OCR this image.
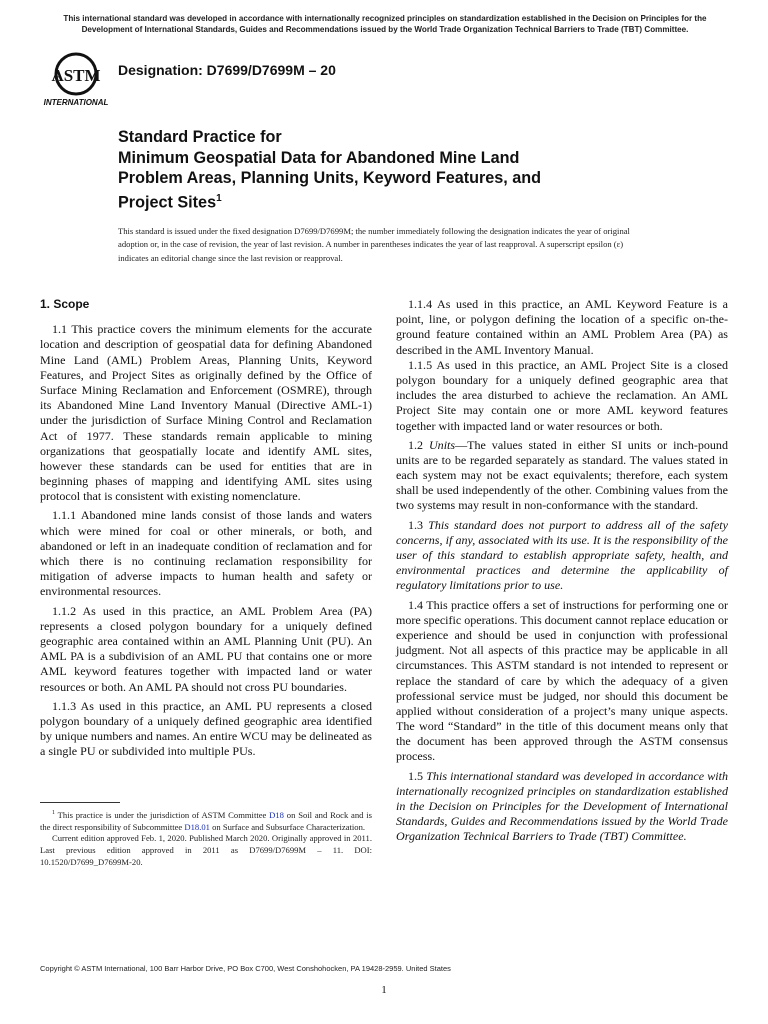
This international standard was developed in accordance with internationally recognized principles on standardization established in the Decision on Principles for the Development of International Standards, Guides and Recommendations issued by the World Trade Organization Technical Barriers to Trade (TBT) Committee.
ASTM
INTERNATIONAL
Designation: D7699/D7699M – 20

Standard Practice for

Minimum Geospatial Data for Abandoned Mine Land

Problem Areas, Planning Units, Keyword Features, and

Project Sites$^1$

This standard is issued under the fixed designation D7699/D7699M; the number immediately following the designation indicates the year of original adoption or, in the case of revision, the year of last revision. A number in parentheses indicates the year of last reapproval. A superscript epsilon (ε) indicates an editorial change since the last revision or reapproval.

1. Scope

1.1 This practice covers the minimum elements for the accurate location and description of geospatial data for defining Abandoned Mine Land (AML) Problem Areas, Planning Units, Keyword Features, and Project Sites as originally defined by the Office of Surface Mining Reclamation and Enforcement (OSMRE), through its Abandoned Mine Land Inventory Manual (Directive AML-1) under the jurisdiction of Surface Mining Control and Reclamation Act of 1977. These standards remain applicable to mining organizations that geospatially locate and identify AML sites, however these standards can be used for entities that are in beginning phases of mapping and identifying AML sites using protocol that is consistent with existing nomenclature.

1.1.1 Abandoned mine lands consist of those lands and waters which were mined for coal or other minerals, or both, and abandoned or left in an inadequate condition of reclamation and for which there is no continuing reclamation responsibility for mitigation of adverse impacts to human health and safety or environmental resources.

1.1.2 As used in this practice, an AML Problem Area (PA) represents a closed polygon boundary for a uniquely defined geographic area contained within an AML Planning Unit (PU). An AML PA is a subdivision of an AML PU that contains one or more AML keyword features together with impacted land or water resources or both. An AML PA should not cross PU boundaries.

1.1.3 As used in this practice, an AML PU represents a closed polygon boundary of a uniquely defined geographic area identified by unique numbers and names. An entire WCU may be delineated as a single PU or subdivided into multiple PUs.

$^1$ This practice is under the jurisdiction of ASTM Committee D18 on Soil and Rock and is the direct responsibility of Subcommittee D18.01 on Surface and Subsurface Characterization.

Current edition approved Feb. 1, 2020. Published March 2020. Originally approved in 2011. Last previous edition approved in 2011 as D7699/D7699M – 11. DOI: 10.1520/D7699_D7699M-20.

1.1.4 As used in this practice, an AML Keyword Feature is a point, line, or polygon defining the location of a specific on-the-ground feature contained within an AML Problem Area (PA) as described in the AML Inventory Manual.

1.1.5 As used in this practice, an AML Project Site is a closed polygon boundary for a uniquely defined geographic area that includes the area disturbed to achieve the reclamation. An AML Project Site may contain one or more AML keyword features together with impacted land or water resources or both.

1.2 Units—The values stated in either SI units or inch-pound units are to be regarded separately as standard. The values stated in each system may not be exact equivalents; therefore, each system shall be used independently of the other. Combining values from the two systems may result in non-conformance with the standard.

1.3 This standard does not purport to address all of the safety concerns, if any, associated with its use. It is the responsibility of the user of this standard to establish appropriate safety, health, and environmental practices and determine the applicability of regulatory limitations prior to use.

1.4 This practice offers a set of instructions for performing one or more specific operations. This document cannot replace education or experience and should be used in conjunction with professional judgment. Not all aspects of this practice may be applicable in all circumstances. This ASTM standard is not intended to represent or replace the standard of care by which the adequacy of a given professional service must be judged, nor should this document be applied without consideration of a project’s many unique aspects. The word “Standard” in the title of this document means only that the document has been approved through the ASTM consensus process.

1.5 This international standard was developed in accordance with internationally recognized principles on standardization established in the Decision on Principles for the Development of International Standards, Guides and Recommendations issued by the World Trade Organization Technical Barriers to Trade (TBT) Committee.

Copyright © ASTM International, 100 Barr Harbor Drive, PO Box C700, West Conshohocken, PA 19428-2959. United States
1
